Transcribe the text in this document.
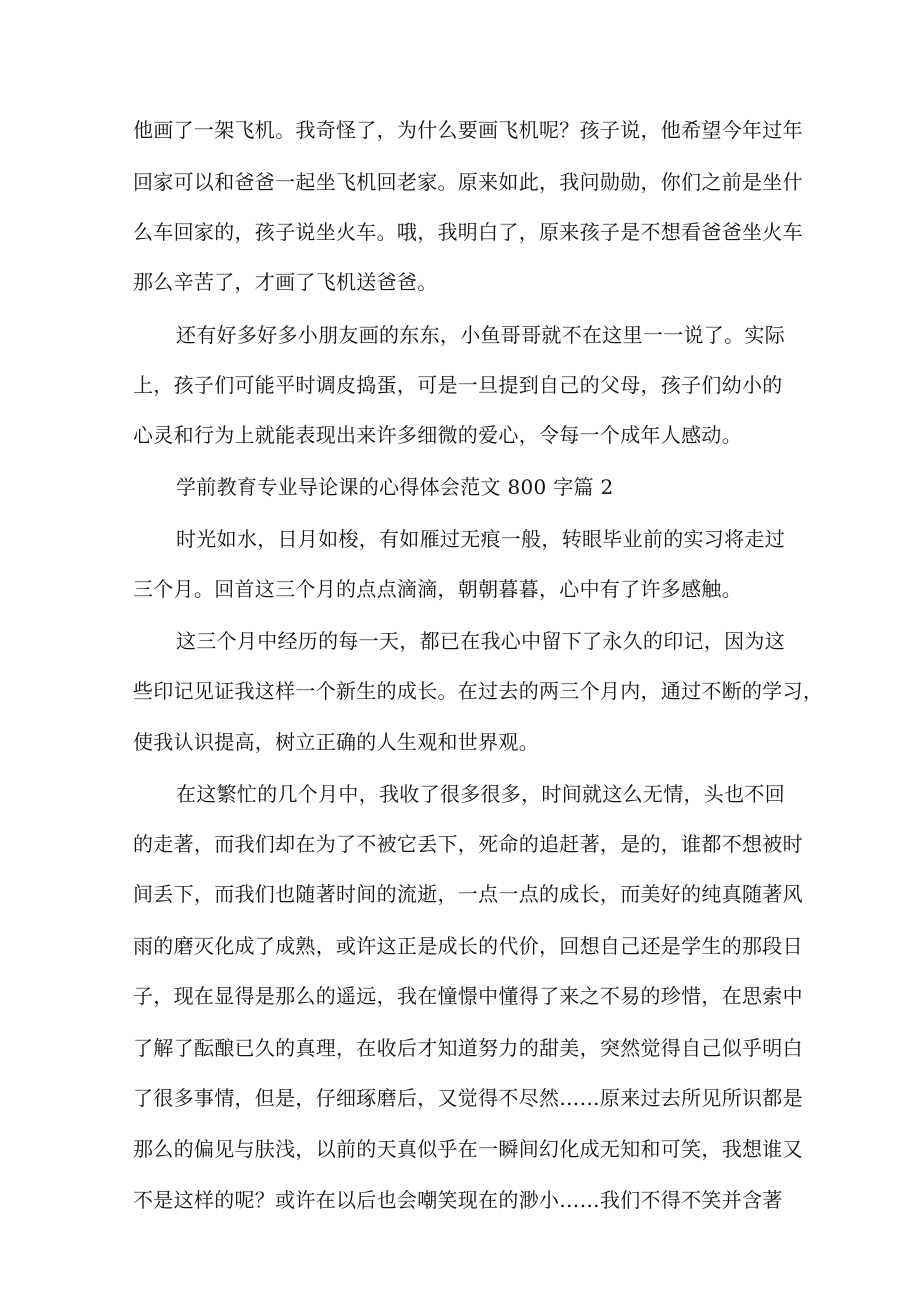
他画了一架飞机。我奇怪了，为什么要画飞机呢？孩子说，他希望今年过年

回家可以和爸爸一起坐飞机回老家。原来如此，我问勋勋，你们之前是坐什

么车回家的，孩子说坐火车。哦，我明白了，原来孩子是不想看爸爸坐火车

那么辛苦了，才画了飞机送爸爸。

还有好多好多小朋友画的东东，小鱼哥哥就不在这里一一说了。实际

上，孩子们可能平时调皮捣蛋，可是一旦提到自己的父母，孩子们幼小的

心灵和行为上就能表现出来许多细微的爱心，令每一个成年人感动。

学前教育专业导论课的心得体会范文 800 字篇 2

时光如水，日月如梭，有如雁过无痕一般，转眼毕业前的实习将走过

三个月。回首这三个月的点点滴滴，朝朝暮暮，心中有了许多感触。

这三个月中经历的每一天，都已在我心中留下了永久的印记，因为这

些印记见证我这样一个新生的成长。在过去的两三个月内，通过不断的学习，

使我认识提高，树立正确的人生观和世界观。

在这繁忙的几个月中，我收了很多很多，时间就这么无情，头也不回

的走著，而我们却在为了不被它丢下，死命的追赶著，是的，谁都不想被时

间丢下，而我们也随著时间的流逝，一点一点的成长，而美好的纯真随著风

雨的磨灭化成了成熟，或许这正是成长的代价，回想自己还是学生的那段日

子，现在显得是那么的遥远，我在憧憬中懂得了来之不易的珍惜，在思索中

了解了酝酿已久的真理，在收后才知道努力的甜美，突然觉得自己似乎明白

了很多事情，但是，仔细琢磨后，又觉得不尽然……原来过去所见所识都是

那么的偏见与肤浅，以前的天真似乎在一瞬间幻化成无知和可笑，我想谁又

不是这样的呢？或许在以后也会嘲笑现在的渺小……我们不得不笑并含著
